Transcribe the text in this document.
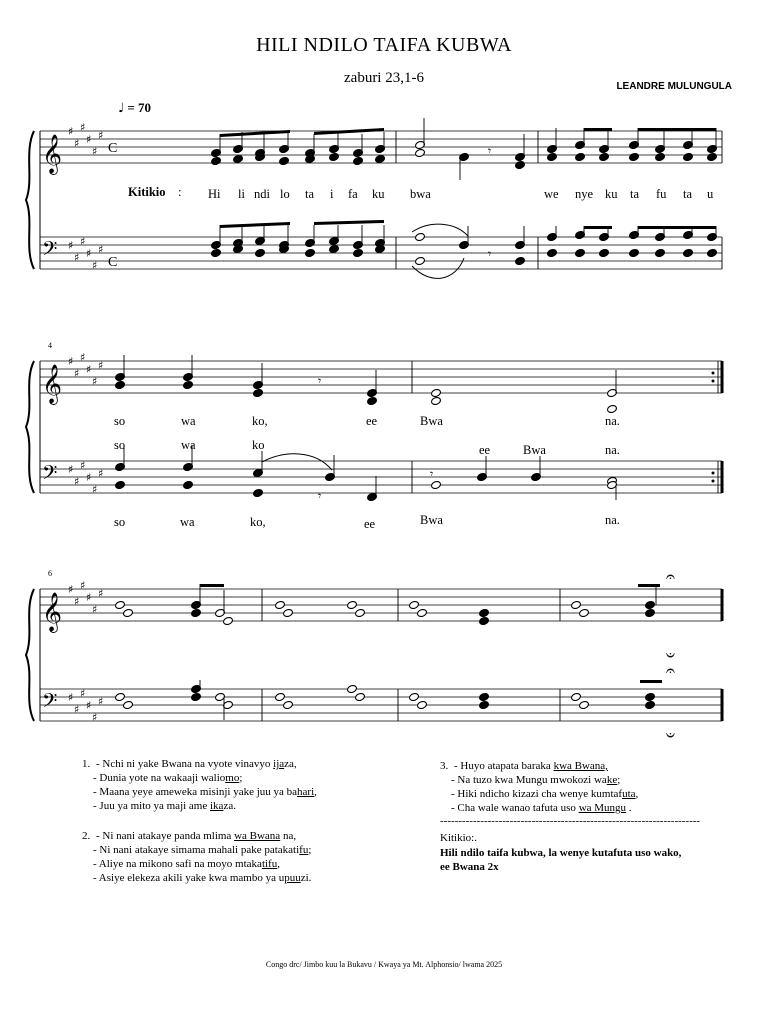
HILI NDILO TAIFA KUBWA
zaburi 23,1-6
LEANDRE MULUNGULA
♩ = 70
𝄞
𝄢
♯
♯
♯
♯
♯
♯
♯
♯
♯
♯
♯
♯
𝄾
𝄾
𝄞
𝄢
♯
♯
♯
♯
♯
♯
♯
♯
♯
♯
♯
♯
𝄾
𝄾
𝄾
𝄞
𝄢
♯
♯
♯
♯
♯
♯
♯
♯
♯
♯
♯
♯
𝄐
𝄑
𝄐
𝄑
C
C
4
6
Kitikio : Hi li ndi lo ta i fa ku bwa	we nye ku ta fu ta u
so	wa	ko,	ee	Bwa	na.
so	wa	ko	ee	Bwa	na.
so	wa	ko,	ee	Bwa	na.
1. - Nchi ni yake Bwana na vyote vinavyo ijaza,
- Dunia yote na wakaaji waliomo;
- Maana yeye ameweka misinji yake juu ya bahari,
- Juu ya mito ya maji ame ikaza.
2. - Ni nani atakaye panda mlima wa Bwana na,
- Ni nani atakaye simama mahali pake patakatifu;
- Aliye na mikono safi na moyo mtakatifu,
- Asiye elekeza akili yake kwa mambo ya upuuzi.
3. - Huyo atapata baraka kwa Bwana,
- Na tuzo kwa Mungu mwokozi wake;
- Hiki ndicho kizazi cha wenye kumtafuta,
- Cha wale wanao tafuta uso wa Mungu .
-----------------------------------------------------------------------
Kitikio:.
Hili ndilo taifa kubwa, la wenye kutafuta uso wako,
ee Bwana 2x
Congo drc/ Jimbo kuu la Bukavu / Kwaya ya Mt. Alphonsio/ lwama 2025
